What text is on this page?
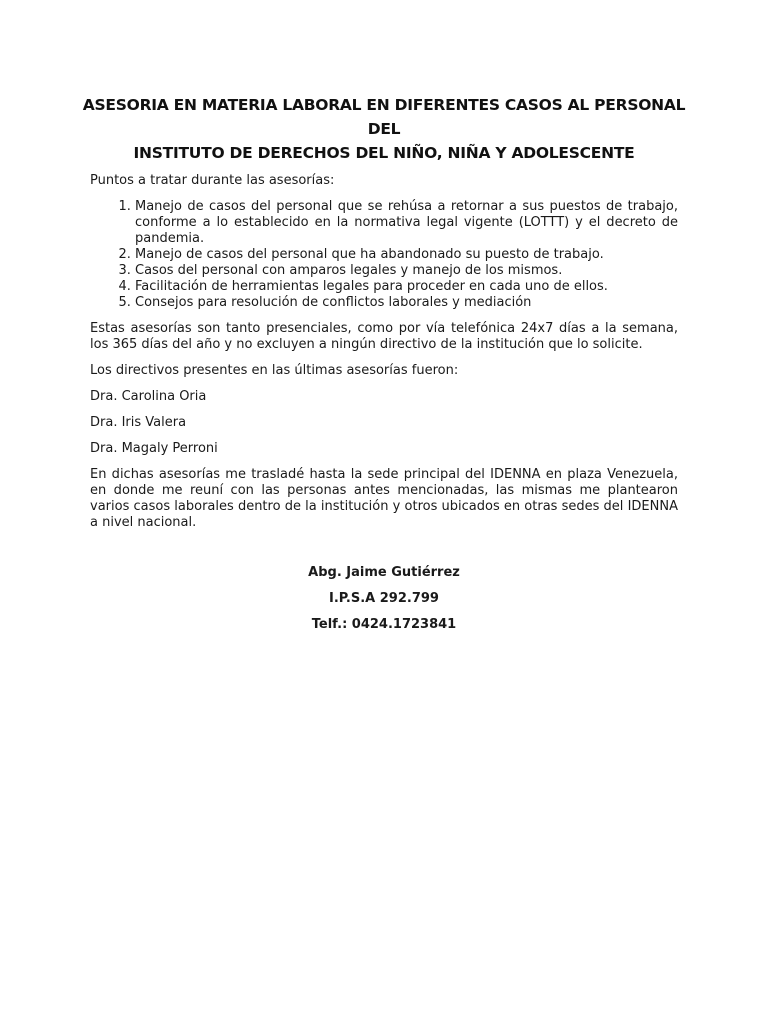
ASESORIA EN MATERIA LABORAL EN DIFERENTES CASOS AL PERSONAL DEL
INSTITUTO DE DERECHOS DEL NIÑO, NIÑA Y ADOLESCENTE

Puntos a tratar durante las asesorías:

1. Manejo de casos del personal que se rehúsa a retornar a sus puestos de trabajo, conforme a lo establecido en la normativa legal vigente (LOTTT) y el decreto de pandemia.
2. Manejo de casos del personal que ha abandonado su puesto de trabajo.
3. Casos del personal con amparos legales y manejo de los mismos.
4. Facilitación de herramientas legales para proceder en cada uno de ellos.
5. Consejos para resolución de conflictos laborales y mediación

Estas asesorías son tanto presenciales, como por vía telefónica 24x7 días a la semana, los 365 días del año y no excluyen a ningún directivo de la institución que lo solicite.

Los directivos presentes en las últimas asesorías fueron:

Dra. Carolina Oria

Dra. Iris Valera

Dra. Magaly Perroni

En dichas asesorías me trasladé hasta la sede principal del IDENNA en plaza Venezuela, en donde me reuní con las personas antes mencionadas, las mismas me plantearon varios casos laborales dentro de la institución y otros ubicados en otras sedes del IDENNA a nivel nacional.

Abg. Jaime Gutiérrez
I.P.S.A 292.799
Telf.: 0424.1723841
